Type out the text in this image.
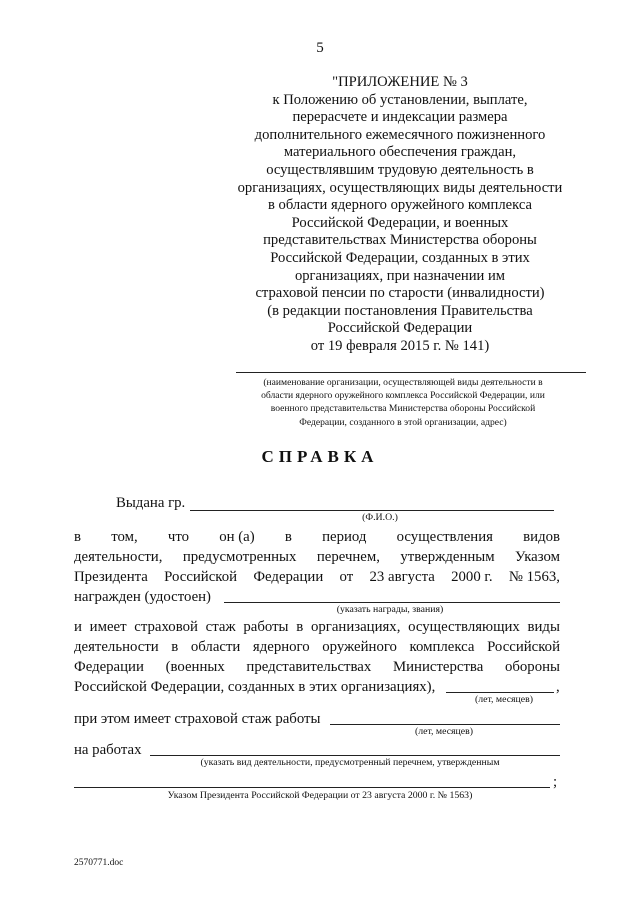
5
"ПРИЛОЖЕНИЕ № 3
к Положению об установлении, выплате,
перерасчете и индексации размера
дополнительного ежемесячного пожизненного
материального обеспечения граждан,
осуществлявшим трудовую деятельность в
организациях, осуществляющих виды деятельности
в области ядерного оружейного комплекса
Российской Федерации, и военных
представительствах Министерства обороны
Российской Федерации, созданных в этих
организациях, при назначении им
страховой пенсии по старости (инвалидности)
(в редакции постановления Правительства
Российской Федерации
от 19 февраля 2015 г. № 141)
(наименование организации, осуществляющей виды деятельности в
области ядерного оружейного комплекса Российской Федерации, или
военного представительства Министерства обороны Российской
Федерации, созданного в этой организации, адрес)
СПРАВКА
Выдана гр.
(Ф.И.О.)
в том, что он (а) в период осуществления видов
деятельности, предусмотренных перечнем, утвержденным Указом
Президента Российской Федерации от 23 августа 2000 г. № 1563,
награжден (удостоен)
(указать награды, звания)
и имеет страховой стаж работы в организациях, осуществляющих виды
деятельности в области ядерного оружейного комплекса Российской
Федерации (военных представительствах Министерства обороны
Российской Федерации, созданных в этих организациях),	,
(лет, месяцев)
при этом имеет страховой стаж работы
(лет, месяцев)
на работах
(указать вид деятельности, предусмотренный перечнем, утвержденным
;
Указом Президента Российской Федерации от 23 августа 2000 г. № 1563)
2570771.doc
